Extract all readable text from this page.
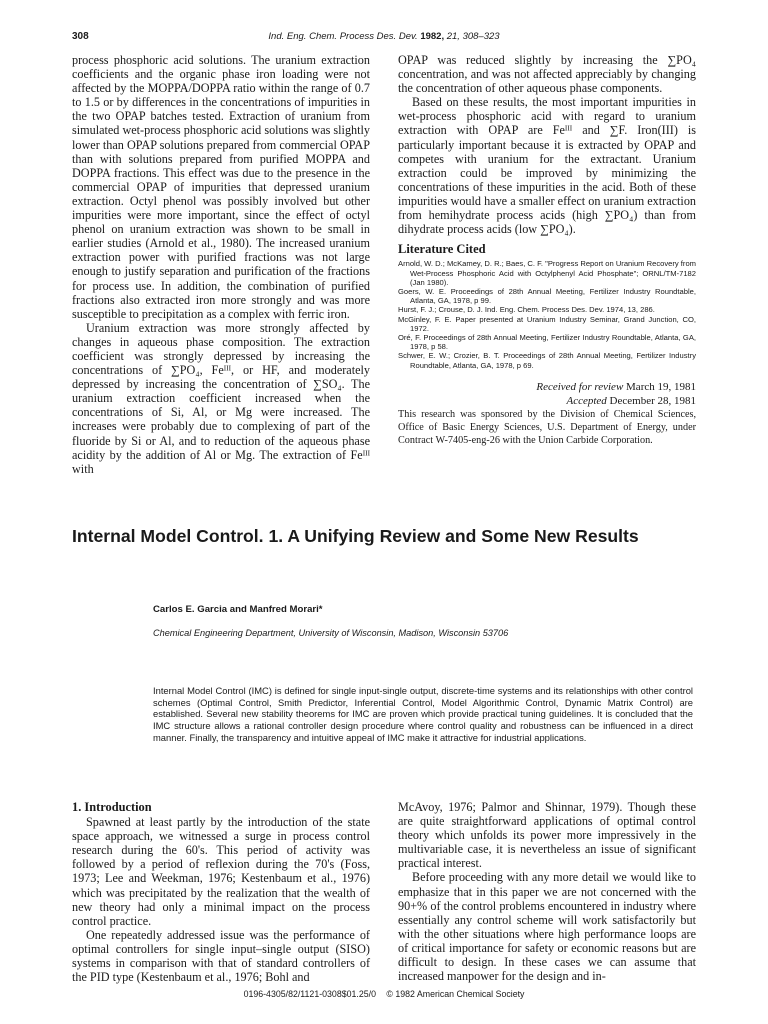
308	Ind. Eng. Chem. Process Des. Dev. 1982, 21, 308–323

process phosphoric acid solutions. The uranium extraction coefficients and the organic phase iron loading were not affected by the MOPPA/DOPPA ratio within the range of 0.7 to 1.5 or by differences in the concentrations of impurities in the two OPAP batches tested. Extraction of uranium from simulated wet-process phosphoric acid solutions was slightly lower than OPAP solutions prepared from commercial OPAP than with solutions prepared from purified MOPPA and DOPPA fractions. This effect was due to the presence in the commercial OPAP of impurities that depressed uranium extraction. Octyl phenol was possibly involved but other impurities were more important, since the effect of octyl phenol on uranium extraction was shown to be small in earlier studies (Arnold et al., 1980). The increased uranium extraction power with purified fractions was not large enough to justify separation and purification of the fractions for process use. In addition, the combination of purified fractions also extracted iron more strongly and was more susceptible to precipitation as a complex with ferric iron.

Uranium extraction was more strongly affected by changes in aqueous phase composition. The extraction coefficient was strongly depressed by increasing the concentrations of ∑PO₄, Feᴵᴵᴵ, or HF, and moderately depressed by increasing the concentration of ∑SO₄. The uranium extraction coefficient increased when the concentrations of Si, Al, or Mg were increased. The increases were probably due to complexing of part of the fluoride by Si or Al, and to reduction of the aqueous phase acidity by the addition of Al or Mg. The extraction of Feᴵᴵᴵ with

OPAP was reduced slightly by increasing the ∑PO₄ concentration, and was not affected appreciably by changing the concentration of other aqueous phase components.

Based on these results, the most important impurities in wet-process phosphoric acid with regard to uranium extraction with OPAP are Feᴵᴵᴵ and ∑F. Iron(III) is particularly important because it is extracted by OPAP and competes with uranium for the extractant. Uranium extraction could be improved by minimizing the concentrations of these impurities in the acid. Both of these impurities would have a smaller effect on uranium extraction from hemihydrate process acids (high ∑PO₄) than from dihydrate process acids (low ∑PO₄).

Literature Cited
Arnold, W. D.; McKamey, D. R.; Baes, C. F. "Progress Report on Uranium Recovery from Wet-Process Phosphoric Acid with Octylphenyl Acid Phosphate"; ORNL/TM-7182 (Jan 1980).
Goers, W. E. Proceedings of 28th Annual Meeting, Fertilizer Industry Roundtable, Atlanta, GA, 1978, p 99.
Hurst, F. J.; Crouse, D. J. Ind. Eng. Chem. Process Des. Dev. 1974, 13, 286.
McGinley, F. E. Paper presented at Uranium Industry Seminar, Grand Junction, CO, 1972.
Oré, F. Proceedings of 28th Annual Meeting, Fertilizer Industry Roundtable, Atlanta, GA, 1978, p 58.
Schwer, E. W.; Crozier, B. T. Proceedings of 28th Annual Meeting, Fertilizer Industry Roundtable, Atlanta, GA, 1978, p 69.
Received for review March 19, 1981
Accepted December 28, 1981

This research was sponsored by the Division of Chemical Sciences, Office of Basic Energy Sciences, U.S. Department of Energy, under Contract W-7405-eng-26 with the Union Carbide Corporation.

Internal Model Control. 1. A Unifying Review and Some New Results
Carlos E. Garcia and Manfred Morari*
Chemical Engineering Department, University of Wisconsin, Madison, Wisconsin 53706
Internal Model Control (IMC) is defined for single input-single output, discrete-time systems and its relationships with other control schemes (Optimal Control, Smith Predictor, Inferential Control, Model Algorithmic Control, Dynamic Matrix Control) are established. Several new stability theorems for IMC are proven which provide practical tuning guidelines. It is concluded that the IMC structure allows a rational controller design procedure where control quality and robustness can be influenced in a direct manner. Finally, the transparency and intuitive appeal of IMC make it attractive for industrial applications.
1. Introduction

Spawned at least partly by the introduction of the state space approach, we witnessed a surge in process control research during the 60's. This period of activity was followed by a period of reflexion during the 70's (Foss, 1973; Lee and Weekman, 1976; Kestenbaum et al., 1976) which was precipitated by the realization that the wealth of new theory had only a minimal impact on the process control practice.

One repeatedly addressed issue was the performance of optimal controllers for single input–single output (SISO) systems in comparison with that of standard controllers of the PID type (Kestenbaum et al., 1976; Bohl and

McAvoy, 1976; Palmor and Shinnar, 1979). Though these are quite straightforward applications of optimal control theory which unfolds its power more impressively in the multivariable case, it is nevertheless an issue of significant practical interest.

Before proceeding with any more detail we would like to emphasize that in this paper we are not concerned with the 90+% of the control problems encountered in industry where essentially any control scheme will work satisfactorily but with the other situations where high performance loops are of critical importance for safety or economic reasons but are difficult to design. In these cases we can assume that increased manpower for the design and in-

0196-4305/82/1121-0308$01.25/0 © 1982 American Chemical Society
